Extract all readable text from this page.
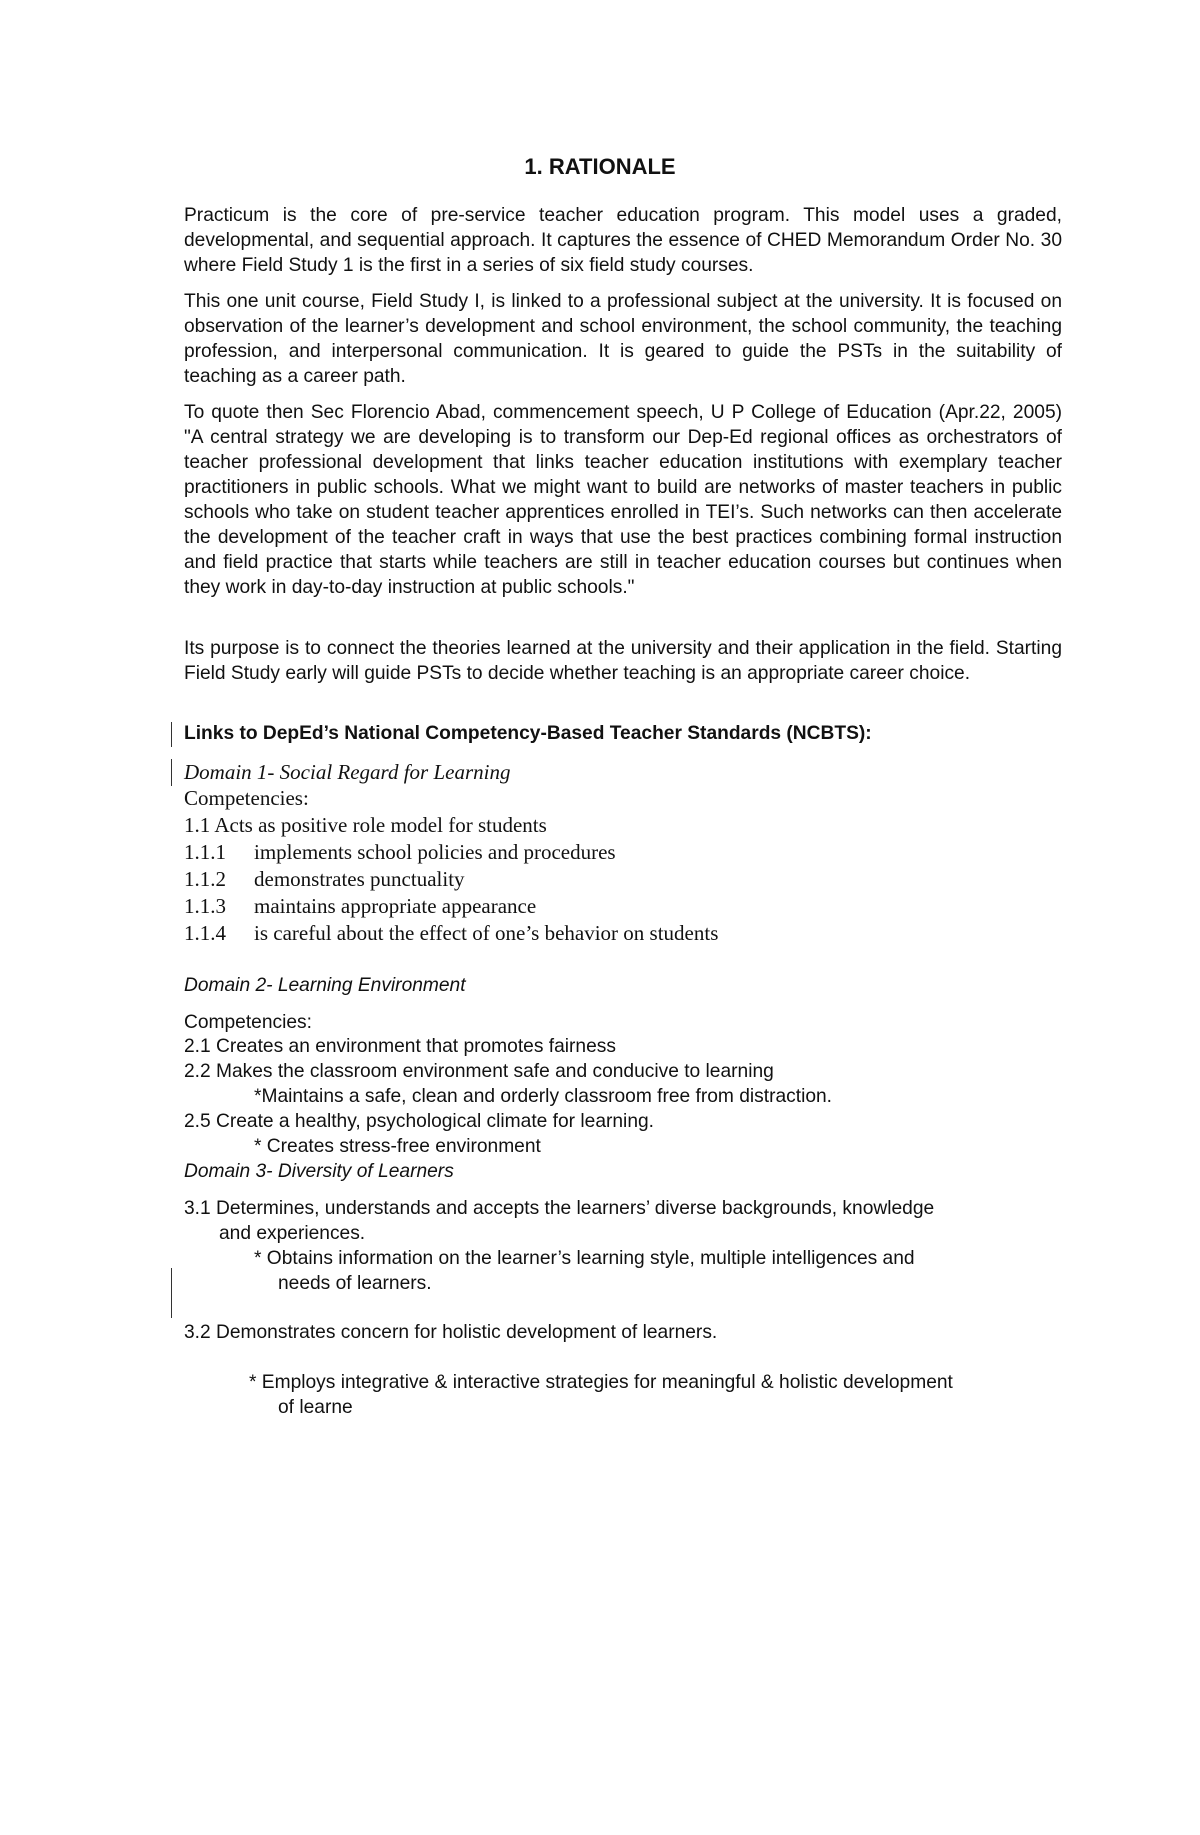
1. RATIONALE
Practicum is the core of pre-service teacher education program. This model uses a graded, developmental, and sequential approach. It captures the essence of CHED Memorandum Order No. 30 where Field Study 1 is the first in a series of six field study courses.
This one unit course, Field Study I, is linked to a professional subject at the university. It is focused on observation of the learner’s development and school environment, the school community, the teaching profession, and interpersonal communication. It is geared to guide the PSTs in the suitability of teaching as a career path.
To quote then Sec Florencio Abad, commencement speech, U P College of Education (Apr.22, 2005) "A central strategy we are developing is to transform our Dep-Ed regional offices as orchestrators of teacher professional development that links teacher education institutions with exemplary teacher practitioners in public schools. What we might want to build are networks of master teachers in public schools who take on student teacher apprentices enrolled in TEI’s. Such networks can then accelerate the development of the teacher craft in ways that use the best practices combining formal instruction and field practice that starts while teachers are still in teacher education courses but continues when they work in day-to-day instruction at public schools."
Its purpose is to connect the theories learned at the university and their application in the field. Starting Field Study early will guide PSTs to decide whether teaching is an appropriate career choice.
Links to DepEd’s National Competency-Based Teacher Standards (NCBTS):
Domain 1- Social Regard for Learning
Competencies:
1.1 Acts as positive role model for students
1.1.1 implements school policies and procedures
1.1.2 demonstrates punctuality
1.1.3 maintains appropriate appearance
1.1.4 is careful about the effect of one’s behavior on students
Domain 2- Learning Environment
Competencies:
2.1 Creates an environment that promotes fairness
2.2 Makes the classroom environment safe and conducive to learning
*Maintains a safe, clean and orderly classroom free from distraction.
2.5 Create a healthy, psychological climate for learning.
* Creates stress-free environment
Domain 3- Diversity of Learners
3.1 Determines, understands and accepts the learners’ diverse backgrounds, knowledge
and experiences.
* Obtains information on the learner’s learning style, multiple intelligences and
needs of learners.
3.2 Demonstrates concern for holistic development of learners.
* Employs integrative & interactive strategies for meaningful & holistic development
of learne
